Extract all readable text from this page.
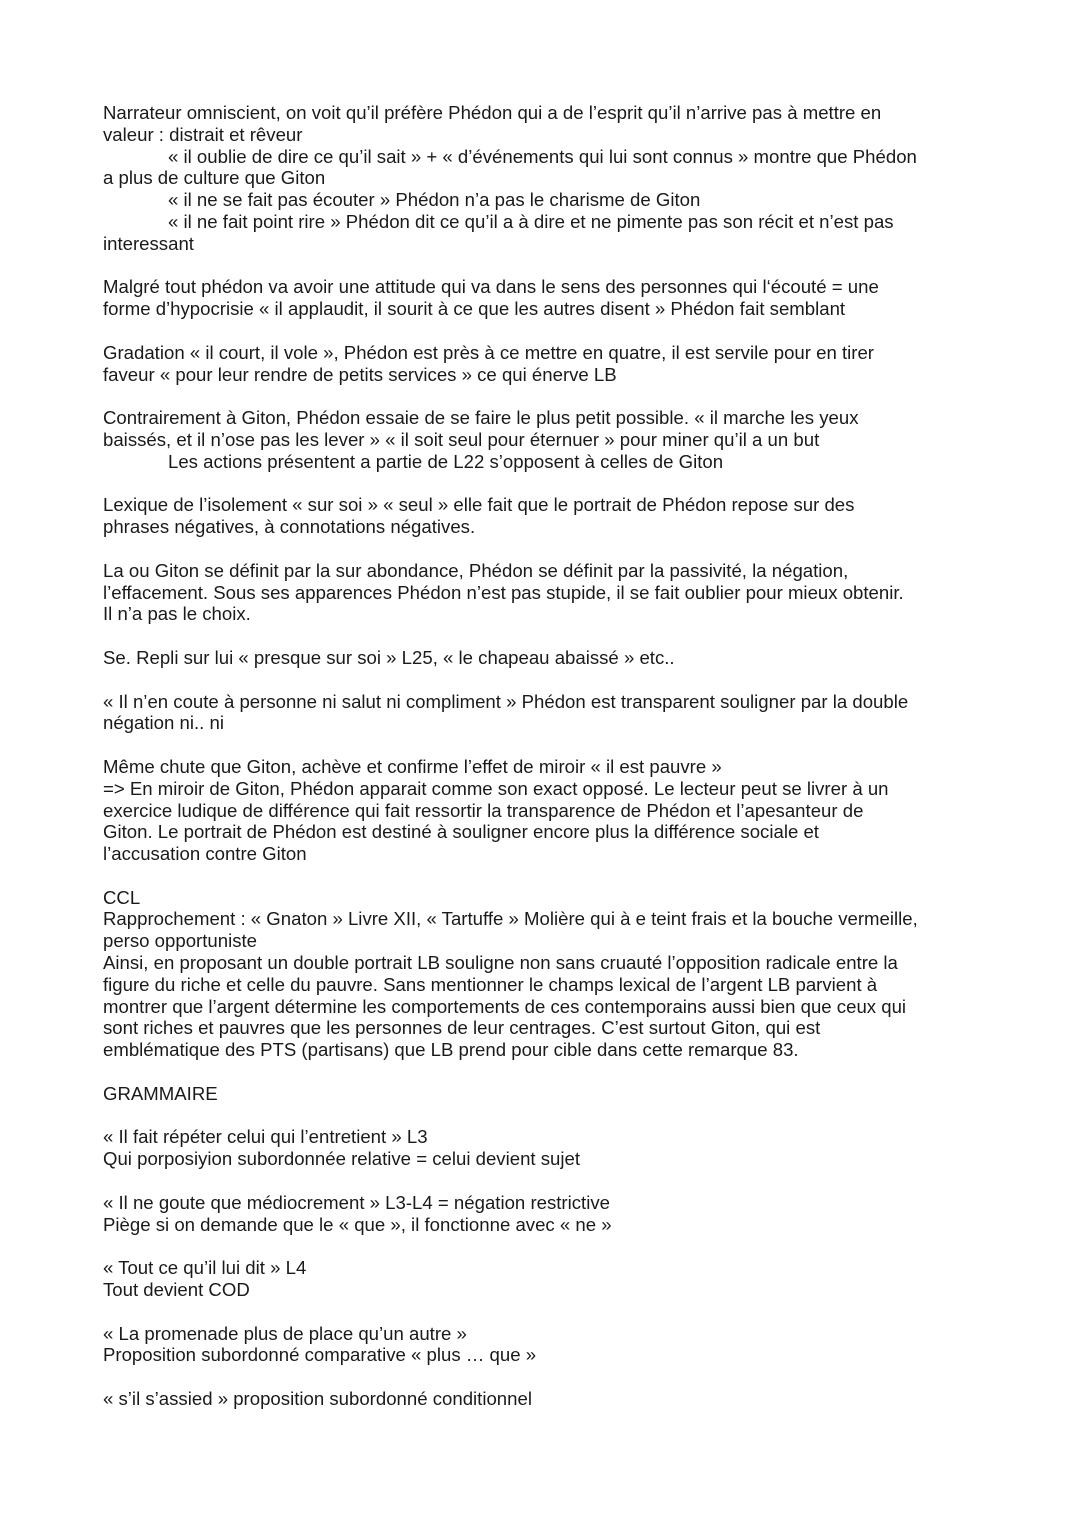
Narrateur omniscient, on voit qu’il préfère Phédon qui a de l’esprit qu’il n’arrive pas à mettre en
valeur : distrait et rêveur
« il oublie de dire ce qu’il sait » + « d’événements qui lui sont connus » montre que Phédon
a plus de culture que Giton
« il ne se fait pas écouter » Phédon n’a pas le charisme de Giton
« il ne fait point rire » Phédon dit ce qu’il a à dire et ne pimente pas son récit et n’est pas
interessant
Malgré tout phédon va avoir une attitude qui va dans le sens des personnes qui l‘écouté = une
forme d’hypocrisie « il applaudit, il sourit à ce que les autres disent » Phédon fait semblant
Gradation « il court, il vole », Phédon est près à ce mettre en quatre, il est servile pour en tirer
faveur « pour leur rendre de petits services » ce qui énerve LB
Contrairement à Giton, Phédon essaie de se faire le plus petit possible. « il marche les yeux
baissés, et il n’ose pas les lever » « il soit seul pour éternuer » pour miner qu’il a un but
Les actions présentent a partie de L22 s’opposent à celles de Giton
Lexique de l’isolement « sur soi » « seul » elle fait que le portrait de Phédon repose sur des
phrases négatives, à connotations négatives.
La ou Giton se définit par la sur abondance, Phédon se définit par la passivité, la négation,
l’effacement. Sous ses apparences Phédon n’est pas stupide, il se fait oublier pour mieux obtenir.
Il n’a pas le choix.
Se. Repli sur lui « presque sur soi » L25, « le chapeau abaissé » etc..
« Il n’en coute à personne ni salut ni compliment » Phédon est transparent souligner par la double
négation ni.. ni
Même chute que Giton, achève et confirme l’effet de miroir « il est pauvre »
=> En miroir de Giton, Phédon apparait comme son exact opposé. Le lecteur peut se livrer à un
exercice ludique de différence qui fait ressortir la transparence de Phédon et l’apesanteur de
Giton. Le portrait de Phédon est destiné à souligner encore plus la différence sociale et
l’accusation contre Giton
CCL
Rapprochement : « Gnaton » Livre XII, « Tartuffe » Molière qui à e teint frais et la bouche vermeille,
perso opportuniste
Ainsi, en proposant un double portrait LB souligne non sans cruauté l’opposition radicale entre la
figure du riche et celle du pauvre. Sans mentionner le champs lexical de l’argent LB parvient à
montrer que l’argent détermine les comportements de ces contemporains aussi bien que ceux qui
sont riches et pauvres que les personnes de leur centrages. C’est surtout Giton, qui est
emblématique des PTS (partisans) que LB prend pour cible dans cette remarque 83.
GRAMMAIRE
« Il fait répéter celui qui l’entretient » L3
Qui porposiyion subordonnée relative = celui devient sujet
« Il ne goute que médiocrement » L3-L4 = négation restrictive
Piège si on demande que le « que », il fonctionne avec « ne »
« Tout ce qu’il lui dit » L4
Tout devient COD
« La promenade plus de place qu’un autre »
Proposition subordonné comparative « plus … que »
« s’il s’assied » proposition subordonné conditionnel
